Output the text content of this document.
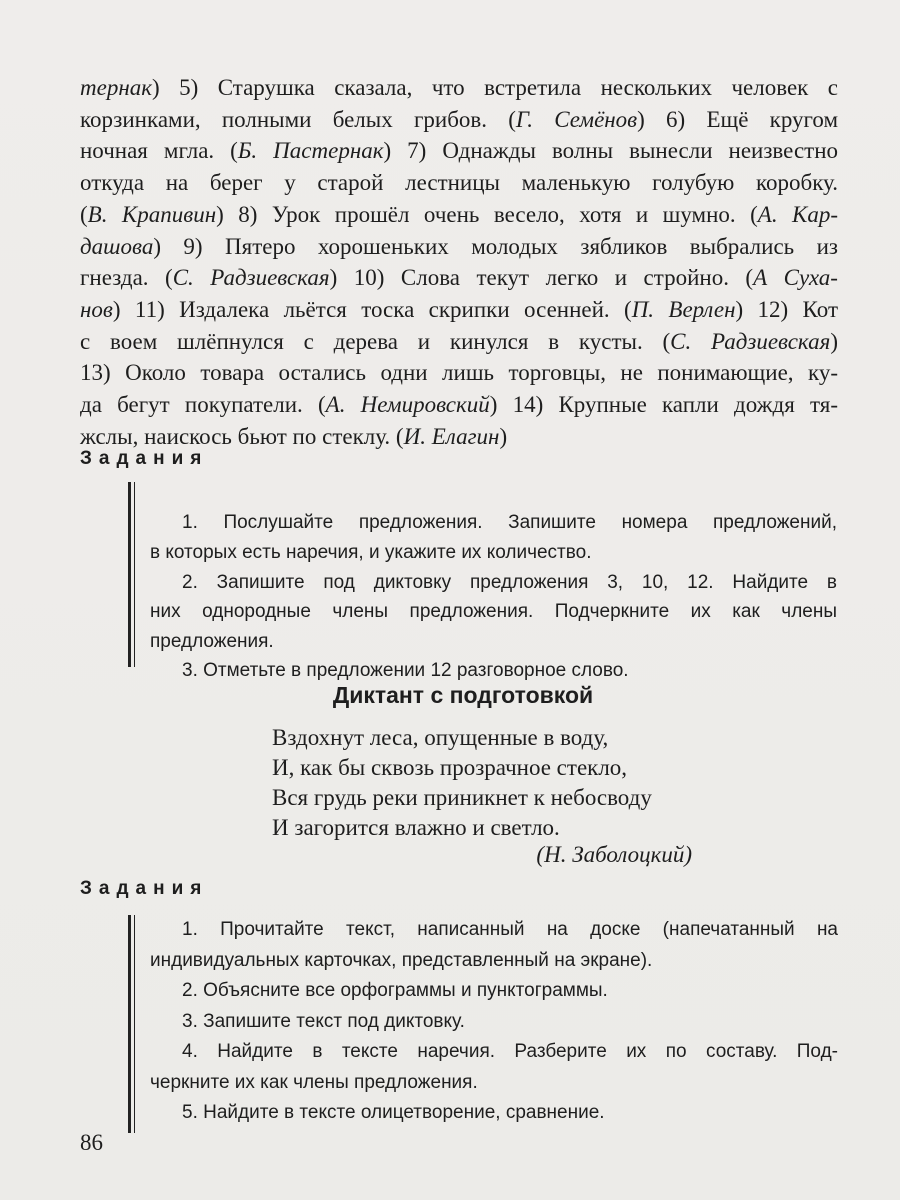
тернак) 5) Старушка сказала, что встретила нескольких человек с
корзинками, полными белых грибов. (Г. Семёнов) 6) Ещё кругом
ночная мгла. (Б. Пастернак) 7) Однажды волны вынесли неизвестно
откуда на берег у старой лестницы маленькую голубую коробку.
(В. Крапивин) 8) Урок прошёл очень весело, хотя и шумно. (А. Кар-
дашова) 9) Пятеро хорошеньких молодых зябликов выбрались из
гнезда. (С. Радзиевская) 10) Слова текут легко и стройно. (А Суха-
нов) 11) Издалека льётся тоска скрипки осенней. (П. Верлен) 12) Кот
с воем шлёпнулся с дерева и кинулся в кусты. (С. Радзиевская)
13) Около товара остались одни лишь торговцы, не понимающие, ку-
да бегут покупатели. (А. Немировский) 14) Крупные капли дождя тя-
жслы, наискось бьют по стеклу. (И. Елагин)
Задания
1. Послушайте предложения. Запишите номера предложений,
в которых есть наречия, и укажите их количество.
2. Запишите под диктовку предложения 3, 10, 12. Найдите в
них однородные члены предложения. Подчеркните их как члены
предложения.
3. Отметьте в предложении 12 разговорное слово.
Диктант с подготовкой
Вздохнут леса, опущенные в воду,
И, как бы сквозь прозрачное стекло,
Вся грудь реки приникнет к небосводу
И загорится влажно и светло.
(Н. Заболоцкий)
Задания
1. Прочитайте текст, написанный на доске (напечатанный на
индивидуальных карточках, представленный на экране).
2. Объясните все орфограммы и пунктограммы.
3. Запишите текст под диктовку.
4. Найдите в тексте наречия. Разберите их по составу. Под-
черкните их как члены предложения.
5. Найдите в тексте олицетворение, сравнение.
86
